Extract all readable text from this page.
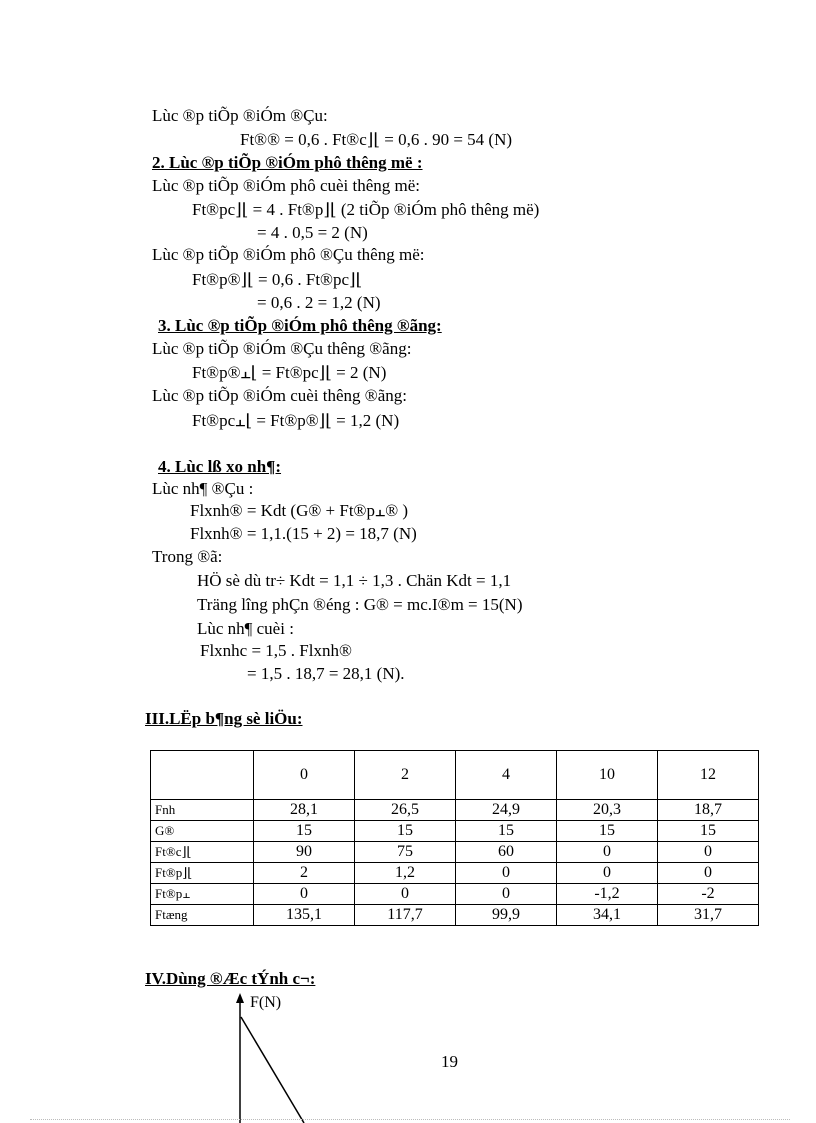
Lùc ®p tiÕp ®iÓm ®Çu:
Ft®® = 0,6 . Ft®c⌋⌊ = 0,6 . 90 = 54 (N)
2. Lùc ®p tiÕp ®iÓm phô thêng më :
Lùc ®p tiÕp ®iÓm phô cuèi thêng më:
Ft®pc⌋⌊ = 4 . Ft®p⌋⌊ (2 tiÕp ®iÓm phô thêng më)
= 4 . 0,5 = 2 (N)
Lùc ®p tiÕp ®iÓm phô ®Çu thêng më:
Ft®p®⌋⌊ = 0,6 . Ft®pc⌋⌊
= 0,6 . 2 = 1,2 (N)
3. Lùc ®p tiÕp ®iÓm phô thêng ®ãng:
Lùc ®p tiÕp ®iÓm ®Çu thêng ®ãng:
Ft®p®⫠⌊ = Ft®pc⌋⌊ = 2 (N)
Lùc ®p tiÕp ®iÓm cuèi thêng ®ãng:
Ft®pc⫠⌊ = Ft®p®⌋⌊ = 1,2 (N)
4. Lùc lß xo nh¶:
Lùc nh¶ ®Çu :
Flxnh® = Kdt (G® + Ft®p⫠® )
Flxnh® = 1,1.(15 + 2) = 18,7 (N)
Trong ®ã:
HÖ sè dù tr÷ Kdt = 1,1 ÷ 1,3 . Chän Kdt = 1,1
Träng lîng phÇn ®éng : G® = mc.I®m = 15(N)
Lùc nh¶ cuèi :
Flxnhc = 1,5 . Flxnh®
= 1,5 . 18,7 = 28,1 (N).
III.LËp b¶ng sè liÖu:
	0	2	4	10	12
Fnh	28,1	26,5	24,9	20,3	18,7
G®	15	15	15	15	15
Ft®c⌋⌊	90	75	60	0	0
Ft®p⌋⌊	2	1,2	0	0	0
Ft®p⫠	0	0	0	-1,2	-2
Ftæng	135,1	117,7	99,9	34,1	31,7
IV.Dùng ®Æc tÝnh c¬:
F(N)
19
